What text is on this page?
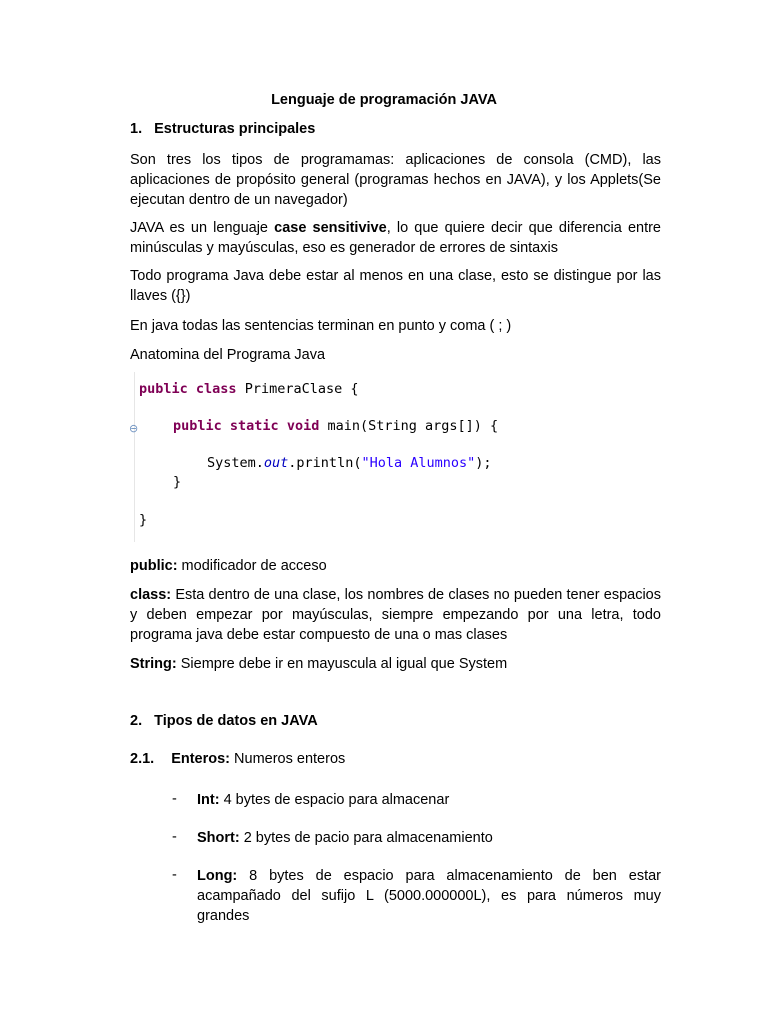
Lenguaje de programación JAVA

1. Estructuras principales

Son tres los tipos de programamas: aplicaciones de consola (CMD), las aplicaciones de propósito general (programas hechos en JAVA), y los Applets(Se ejecutan dentro de un navegador)

JAVA es un lenguaje case sensitivive, lo que quiere decir que diferencia entre minúsculas y mayúsculas, eso es generador de errores de sintaxis

Todo programa Java debe estar al menos en una clase, esto se distingue por las llaves ({})

En java todas las sentencias terminan en punto y coma ( ; )

Anatomina del Programa Java

⊖
public class PrimeraClase {
public static void main(String args[]) {
System.out.println("Hola Alumnos");
}
}

public: modificador de acceso

class: Esta dentro de una clase, los nombres de clases no pueden tener espacios y deben empezar por mayúsculas, siempre empezando por una letra, todo programa java debe estar compuesto de una o mas clases

String: Siempre debe ir en mayuscula al igual que System

2. Tipos de datos en JAVA
2.1. Enteros: Numeros enteros
- Int: 4 bytes de espacio para almacenar

- Short: 2 bytes de pacio para almacenamiento

- Long: 8 bytes de espacio para almacenamiento de ben estar acampañado del sufijo L (5000.000000L), es para números muy grandes
